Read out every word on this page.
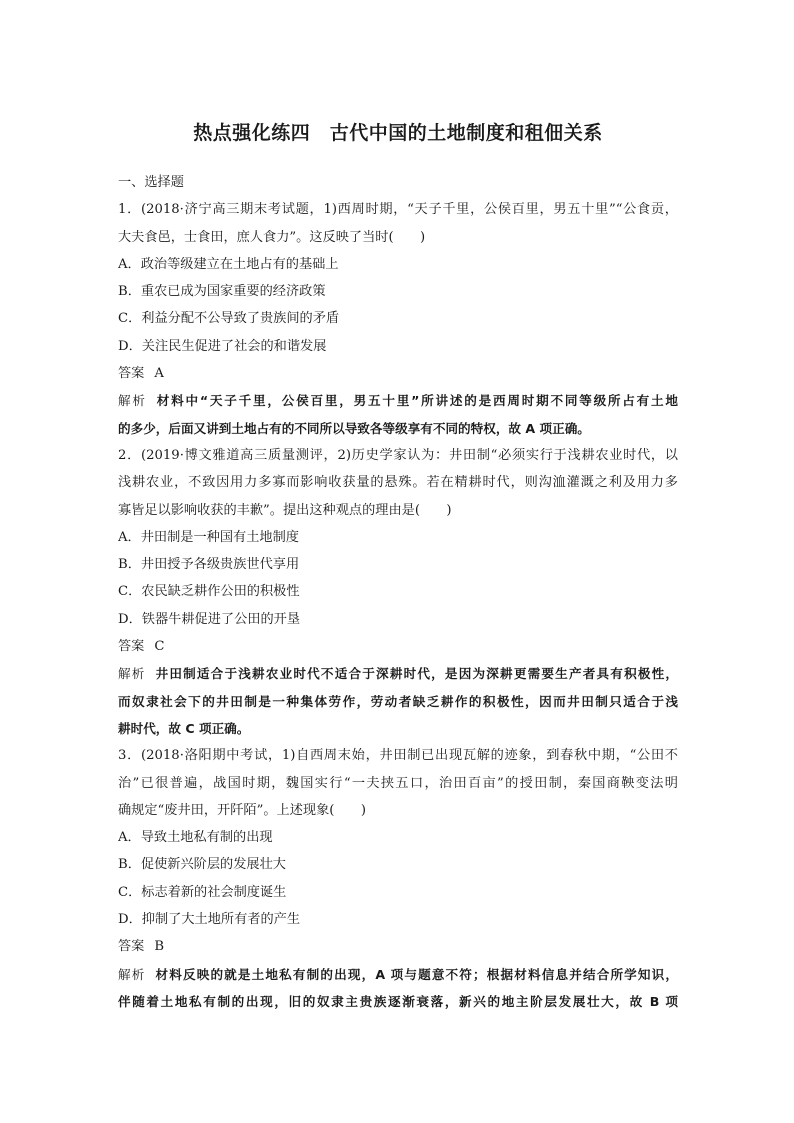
热点强化练四　古代中国的土地制度和租佃关系
一、选择题
1．(2018·济宁高三期末考试题，1)西周时期，“天子千里，公侯百里，男五十里”“公食贡，
大夫食邑，士食田，庶人食力”。这反映了当时(　　)
A．政治等级建立在土地占有的基础上
B．重农已成为国家重要的经济政策
C．利益分配不公导致了贵族间的矛盾
D．关注民生促进了社会的和谐发展
答案 A
解析 材料中“天子千里，公侯百里，男五十里”所讲述的是西周时期不同等级所占有土地
的多少，后面又讲到土地占有的不同所以导致各等级享有不同的特权，故 A 项正确。
2．(2019·博文雅道高三质量测评，2)历史学家认为：井田制“必须实行于浅耕农业时代，以
浅耕农业，不致因用力多寡而影响收获量的悬殊。若在精耕时代，则沟洫灌溉之利及用力多
寡皆足以影响收获的丰歉”。提出这种观点的理由是(　　)
A．井田制是一种国有土地制度
B．井田授予各级贵族世代享用
C．农民缺乏耕作公田的积极性
D．铁器牛耕促进了公田的开垦
答案 C
解析 井田制适合于浅耕农业时代不适合于深耕时代，是因为深耕更需要生产者具有积极性，
而奴隶社会下的井田制是一种集体劳作，劳动者缺乏耕作的积极性，因而井田制只适合于浅
耕时代，故 C 项正确。
3．(2018·洛阳期中考试，1)自西周末始，井田制已出现瓦解的迹象，到春秋中期，“公田不
治”已很普遍，战国时期，魏国实行“一夫挟五口，治田百亩”的授田制，秦国商鞅变法明
确规定“废井田，开阡陌”。上述现象(　　)
A．导致土地私有制的出现
B．促使新兴阶层的发展壮大
C．标志着新的社会制度诞生
D．抑制了大土地所有者的产生
答案 B
解析 材料反映的就是土地私有制的出现，A 项与题意不符；根据材料信息并结合所学知识，
伴随着土地私有制的出现，旧的奴隶主贵族逐渐衰落，新兴的地主阶层发展壮大，故 B 项
